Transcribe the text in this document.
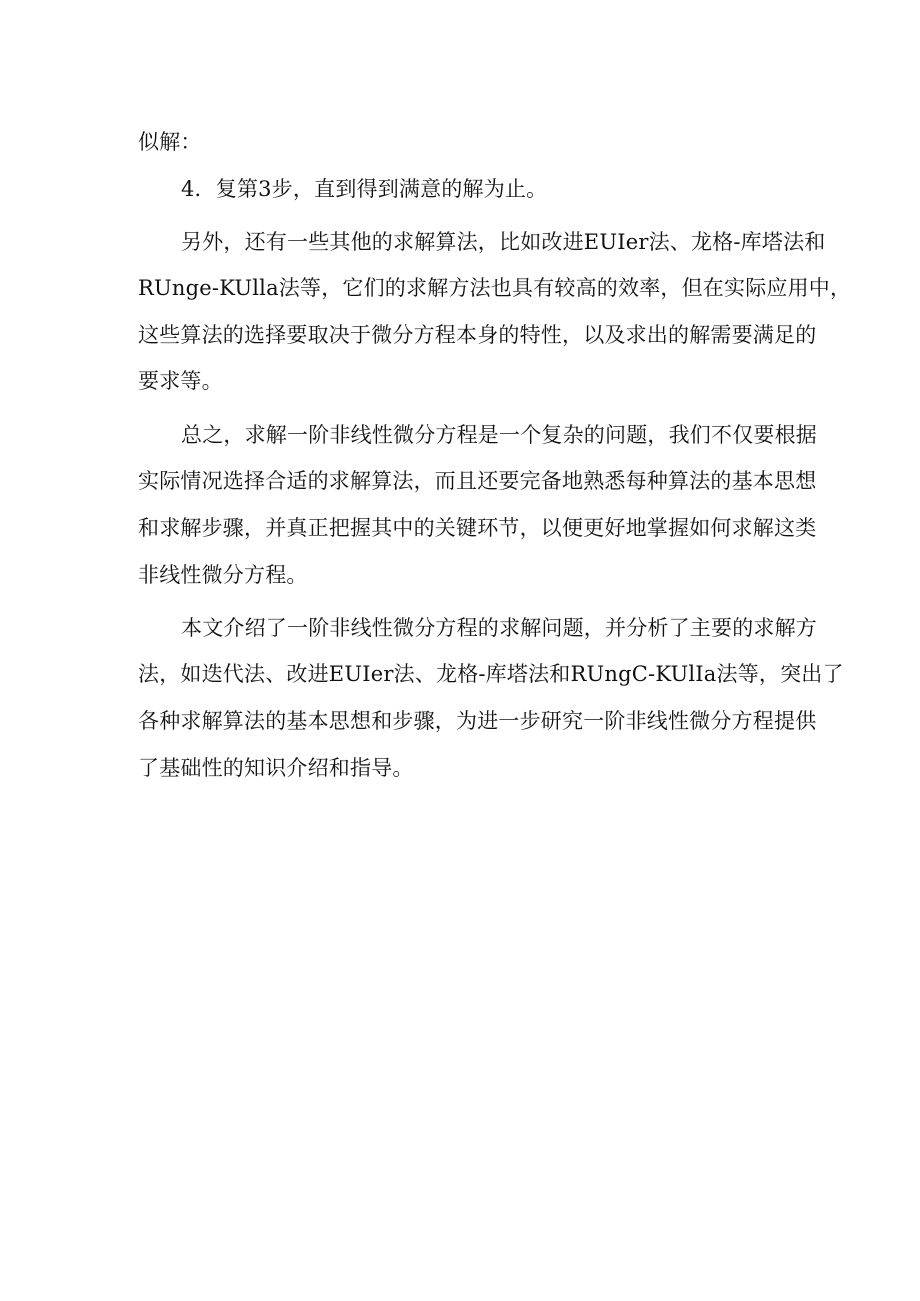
似解：
4．复第3步，直到得到满意的解为止。
另外，还有一些其他的求解算法，比如改进EUIer法、龙格-库塔法和
RUnge-KUlla法等，它们的求解方法也具有较高的效率，但在实际应用中，
这些算法的选择要取决于微分方程本身的特性，以及求出的解需要满足的
要求等。
总之，求解一阶非线性微分方程是一个复杂的问题，我们不仅要根据
实际情况选择合适的求解算法，而且还要完备地熟悉每种算法的基本思想
和求解步骤，并真正把握其中的关键环节，以便更好地掌握如何求解这类
非线性微分方程。
本文介绍了一阶非线性微分方程的求解问题，并分析了主要的求解方
法，如迭代法、改进EUIer法、龙格-库塔法和RUngC-KUlIa法等，突出了
各种求解算法的基本思想和步骤，为进一步研究一阶非线性微分方程提供
了基础性的知识介绍和指导。
